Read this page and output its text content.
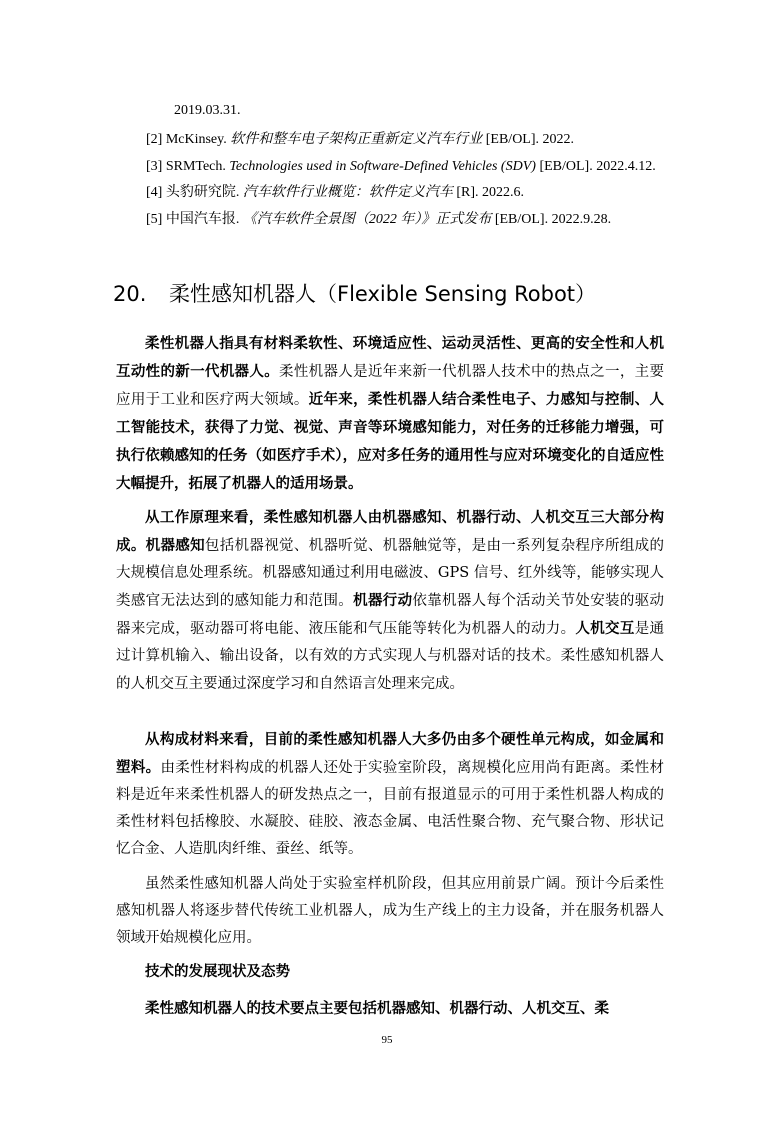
2019.03.31.
[2] McKinsey. 软件和整车电子架构正重新定义汽车行业 [EB/OL]. 2022.
[3] SRMTech. Technologies used in Software-Defined Vehicles (SDV) [EB/OL]. 2022.4.12.
[4] 头豹研究院. 汽车软件行业概览：软件定义汽车 [R]. 2022.6.
[5] 中国汽车报. 《汽车软件全景图（2022 年）》正式发布 [EB/OL]. 2022.9.28.
20. 柔性感知机器人（Flexible Sensing Robot）

柔性机器人指具有材料柔软性、环境适应性、运动灵活性、更高的安全性和人机互动性的新一代机器人。柔性机器人是近年来新一代机器人技术中的热点之一，主要应用于工业和医疗两大领域。近年来，柔性机器人结合柔性电子、力感知与控制、人工智能技术，获得了力觉、视觉、声音等环境感知能力，对任务的迁移能力增强，可执行依赖感知的任务（如医疗手术），应对多任务的通用性与应对环境变化的自适应性大幅提升，拓展了机器人的适用场景。

从工作原理来看，柔性感知机器人由机器感知、机器行动、人机交互三大部分构成。机器感知包括机器视觉、机器听觉、机器触觉等，是由一系列复杂程序所组成的大规模信息处理系统。机器感知通过利用电磁波、GPS 信号、红外线等，能够实现人类感官无法达到的感知能力和范围。机器行动依靠机器人每个活动关节处安装的驱动器来完成，驱动器可将电能、液压能和气压能等转化为机器人的动力。人机交互是通过计算机输入、输出设备，以有效的方式实现人与机器对话的技术。柔性感知机器人的人机交互主要通过深度学习和自然语言处理来完成。

从构成材料来看，目前的柔性感知机器人大多仍由多个硬性单元构成，如金属和塑料。由柔性材料构成的机器人还处于实验室阶段，离规模化应用尚有距离。柔性材料是近年来柔性机器人的研发热点之一，目前有报道显示的可用于柔性机器人构成的柔性材料包括橡胶、水凝胶、硅胶、液态金属、电活性聚合物、充气聚合物、形状记忆合金、人造肌肉纤维、蚕丝、纸等。

虽然柔性感知机器人尚处于实验室样机阶段，但其应用前景广阔。预计今后柔性感知机器人将逐步替代传统工业机器人，成为生产线上的主力设备，并在服务机器人领域开始规模化应用。

技术的发展现状及态势

柔性感知机器人的技术要点主要包括机器感知、机器行动、人机交互、柔

95
